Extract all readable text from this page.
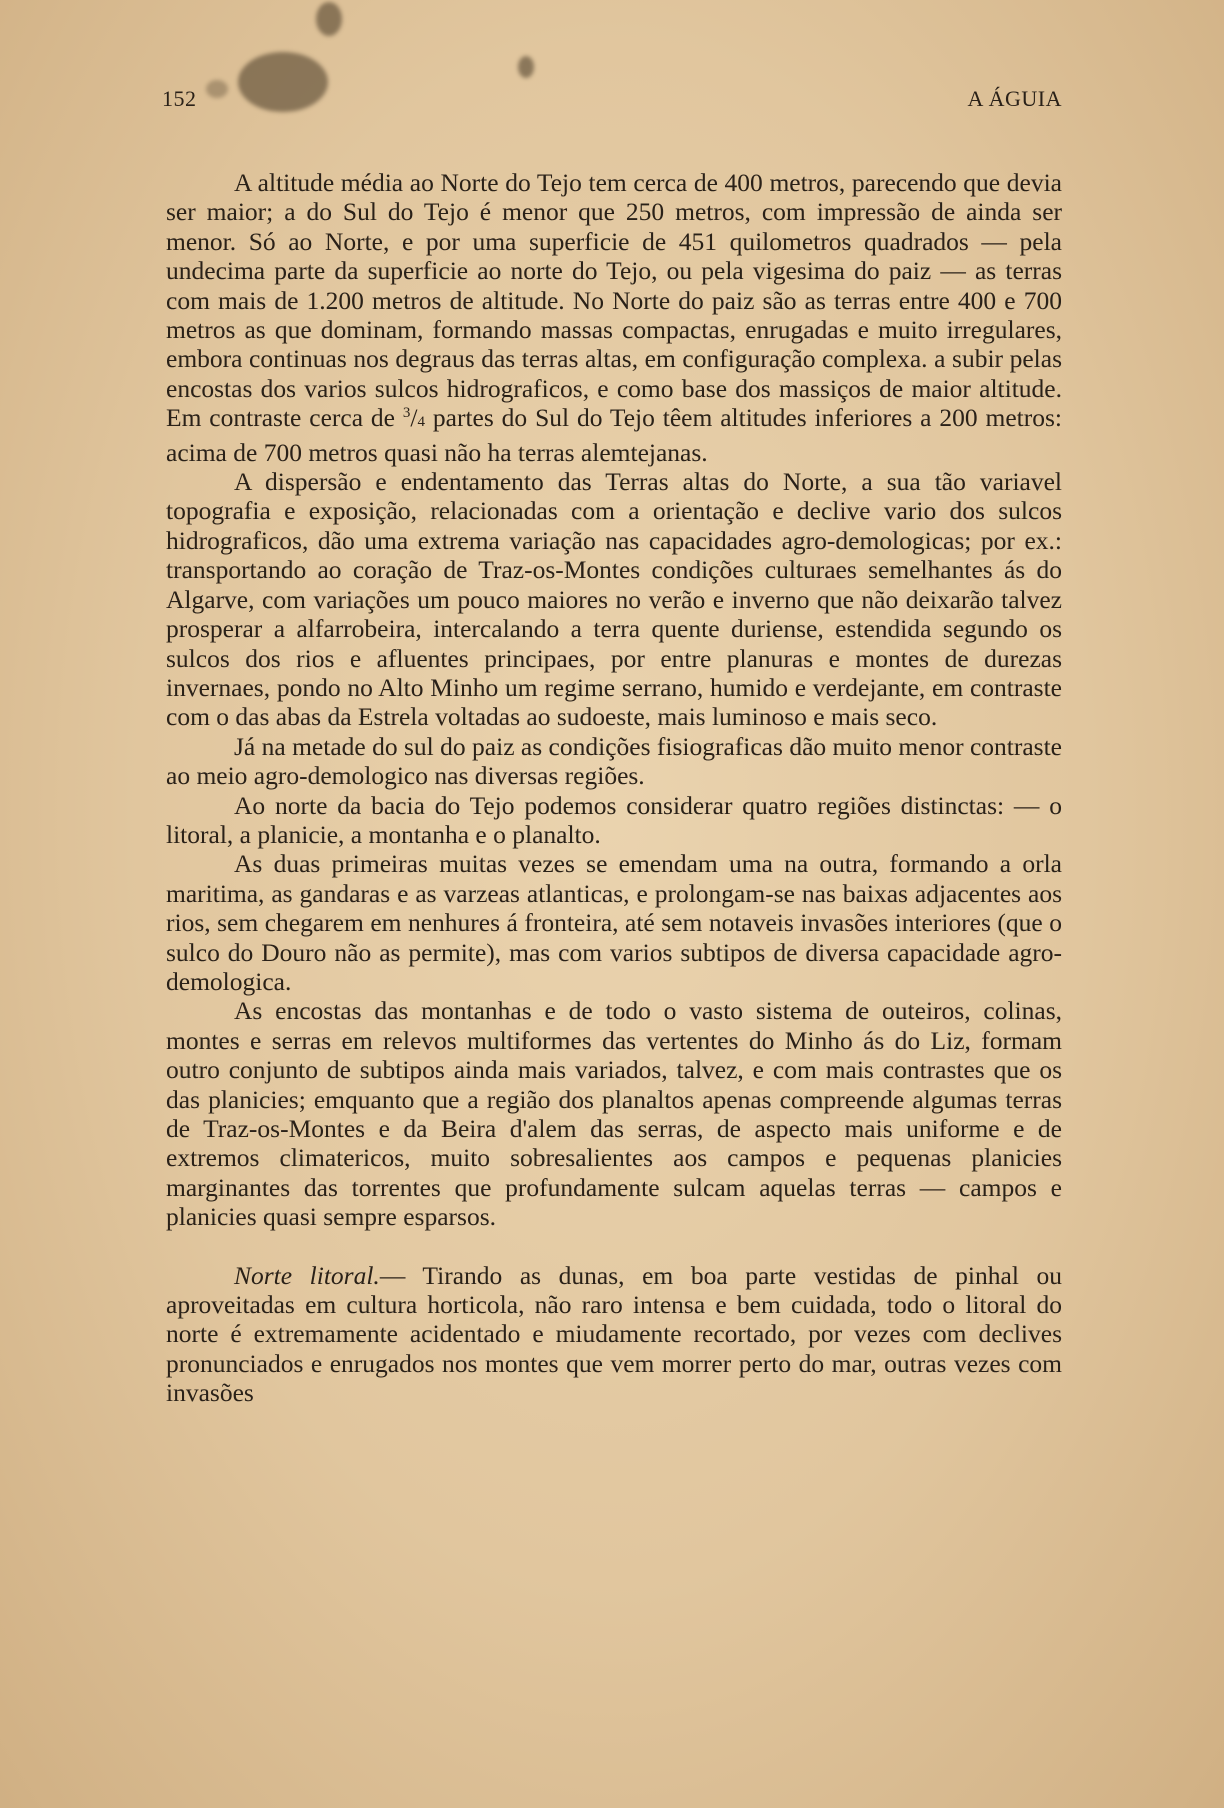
152	A ÁGUIA

A altitude média ao Norte do Tejo tem cerca de 400 metros, parecendo que devia ser maior; a do Sul do Tejo é menor que 250 metros, com impressão de ainda ser menor. Só ao Norte, e por uma superficie de 451 quilometros quadrados — pela undecima parte da superficie ao norte do Tejo, ou pela vigesima do paiz — as terras com mais de 1.200 metros de altitude. No Norte do paiz são as terras entre 400 e 700 metros as que dominam, formando massas compactas, enrugadas e muito irregulares, embora continuas nos degraus das terras altas, em configuração complexa. a subir pelas encostas dos varios sulcos hidrograficos, e como base dos massiços de maior altitude. Em contraste cerca de $^3$/4 partes do Sul do Tejo têem altitudes inferiores a 200 metros: acima de 700 metros quasi não ha terras alemtejanas.

A dispersão e endentamento das Terras altas do Norte, a sua tão variavel topografia e exposição, relacionadas com a orientação e declive vario dos sulcos hidrograficos, dão uma extrema variação nas capacidades agro-demologicas; por ex.: transportando ao coração de Traz-os-Montes condições culturaes semelhantes ás do Algarve, com variações um pouco maiores no verão e inverno que não deixarão talvez prosperar a alfarrobeira, intercalando a terra quente duriense, estendida segundo os sulcos dos rios e afluentes principaes, por entre planuras e montes de durezas invernaes, pondo no Alto Minho um regime serrano, humido e verdejante, em contraste com o das abas da Estrela voltadas ao sudoeste, mais luminoso e mais seco.

Já na metade do sul do paiz as condições fisiograficas dão muito menor contraste ao meio agro-demologico nas diversas regiões.

Ao norte da bacia do Tejo podemos considerar quatro regiões distinctas: — o litoral, a planicie, a montanha e o planalto.

As duas primeiras muitas vezes se emendam uma na outra, formando a orla maritima, as gandaras e as varzeas atlanticas, e prolongam-se nas baixas adjacentes aos rios, sem chegarem em nenhures á fronteira, até sem notaveis invasões interiores (que o sulco do Douro não as permite), mas com varios subtipos de diversa capacidade agro-demologica.

As encostas das montanhas e de todo o vasto sistema de outeiros, colinas, montes e serras em relevos multiformes das vertentes do Minho ás do Liz, formam outro conjunto de subtipos ainda mais variados, talvez, e com mais contrastes que os das planicies; emquanto que a região dos planaltos apenas compreende algumas terras de Traz-os-Montes e da Beira d'alem das serras, de aspecto mais uniforme e de extremos climatericos, muito sobresalientes aos campos e pequenas planicies marginantes das torrentes que profundamente sulcam aquelas terras — campos e planicies quasi sempre esparsos.

Norte litoral.— Tirando as dunas, em boa parte vestidas de pinhal ou aproveitadas em cultura horticola, não raro intensa e bem cuidada, todo o litoral do norte é extremamente acidentado e miudamente recortado, por vezes com declives pronunciados e enrugados nos montes que vem morrer perto do mar, outras vezes com invasões
